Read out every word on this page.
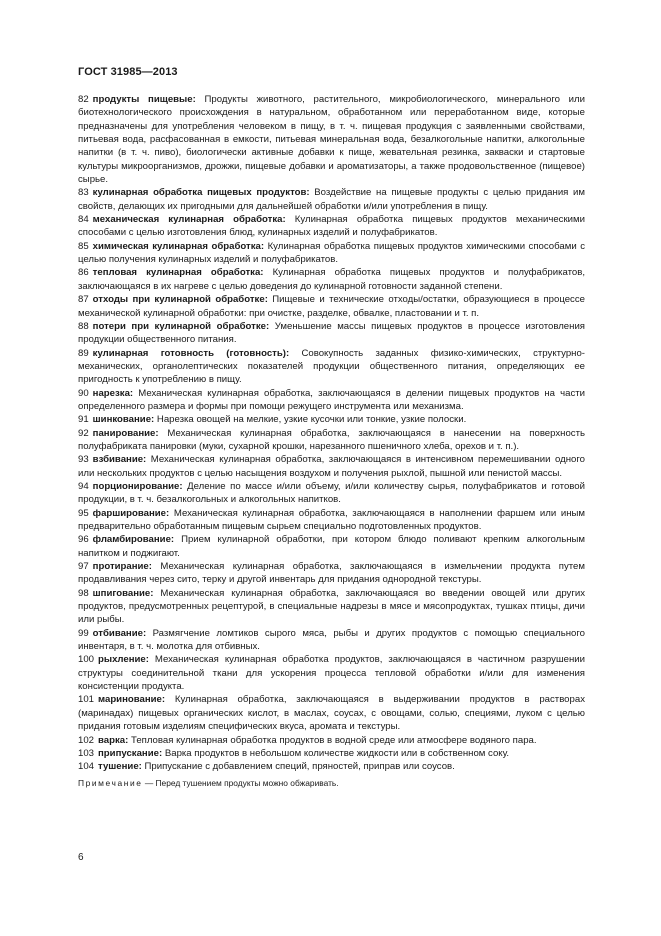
ГОСТ 31985—2013

82 продукты пищевые: Продукты животного, растительного, микробиологического, минерального или биотехнологического происхождения в натуральном, обработанном или переработанном виде, которые предназначены для употребления человеком в пищу, в т. ч. пищевая продукция с заявленными свойствами, питьевая вода, расфасованная в емкости, питьевая минеральная вода, безалкогольные напитки, алкогольные напитки (в т. ч. пиво), биологически активные добавки к пище, жевательная резинка, закваски и стартовые культуры микроорганизмов, дрожжи, пищевые добавки и ароматизаторы, а также продовольственное (пищевое) сырье.

83 кулинарная обработка пищевых продуктов: Воздействие на пищевые продукты с целью придания им свойств, делающих их пригодными для дальнейшей обработки и/или употребления в пищу.

84 механическая кулинарная обработка: Кулинарная обработка пищевых продуктов механическими способами с целью изготовления блюд, кулинарных изделий и полуфабрикатов.

85 химическая кулинарная обработка: Кулинарная обработка пищевых продуктов химическими способами с целью получения кулинарных изделий и полуфабрикатов.

86 тепловая кулинарная обработка: Кулинарная обработка пищевых продуктов и полуфабрикатов, заключающаяся в их нагреве с целью доведения до кулинарной готовности заданной степени.

87 отходы при кулинарной обработке: Пищевые и технические отходы/остатки, образующиеся в процессе механической кулинарной обработки: при очистке, разделке, обвалке, пластовании и т. п.

88 потери при кулинарной обработке: Уменьшение массы пищевых продуктов в процессе изготовления продукции общественного питания.

89 кулинарная готовность (готовность): Совокупность заданных физико-химических, структурно-механических, органолептических показателей продукции общественного питания, определяющих ее пригодность к употреблению в пищу.

90 нарезка: Механическая кулинарная обработка, заключающаяся в делении пищевых продуктов на части определенного размера и формы при помощи режущего инструмента или механизма.

91 шинкование: Нарезка овощей на мелкие, узкие кусочки или тонкие, узкие полоски.

92 панирование: Механическая кулинарная обработка, заключающаяся в нанесении на поверхность полуфабриката панировки (муки, сухарной крошки, нарезанного пшеничного хлеба, орехов и т. п.).

93 взбивание: Механическая кулинарная обработка, заключающаяся в интенсивном перемешивании одного или нескольких продуктов с целью насыщения воздухом и получения рыхлой, пышной или пенистой массы.

94 порционирование: Деление по массе и/или объему, и/или количеству сырья, полуфабрикатов и готовой продукции, в т. ч. безалкогольных и алкогольных напитков.

95 фарширование: Механическая кулинарная обработка, заключающаяся в наполнении фаршем или иным предварительно обработанным пищевым сырьем специально подготовленных продуктов.

96 фламбирование: Прием кулинарной обработки, при котором блюдо поливают крепким алкогольным напитком и поджигают.

97 протирание: Механическая кулинарная обработка, заключающаяся в измельчении продукта путем продавливания через сито, терку и другой инвентарь для придания однородной текстуры.

98 шпигование: Механическая кулинарная обработка, заключающаяся во введении овощей или других продуктов, предусмотренных рецептурой, в специальные надрезы в мясе и мясопродуктах, тушках птицы, дичи или рыбы.

99 отбивание: Размягчение ломтиков сырого мяса, рыбы и других продуктов с помощью специального инвентаря, в т. ч. молотка для отбивных.

100 рыхление: Механическая кулинарная обработка продуктов, заключающаяся в частичном разрушении структуры соединительной ткани для ускорения процесса тепловой обработки и/или для изменения консистенции продукта.

101 маринование: Кулинарная обработка, заключающаяся в выдерживании продуктов в растворах (маринадах) пищевых органических кислот, в маслах, соусах, с овощами, солью, специями, луком с целью придания готовым изделиям специфических вкуса, аромата и текстуры.

102 варка: Тепловая кулинарная обработка продуктов в водной среде или атмосфере водяного пара.

103 припускание: Варка продуктов в небольшом количестве жидкости или в собственном соку.

104 тушение: Припускание с добавлением специй, пряностей, приправ или соусов.

Примечание — Перед тушением продукты можно обжаривать.

6
